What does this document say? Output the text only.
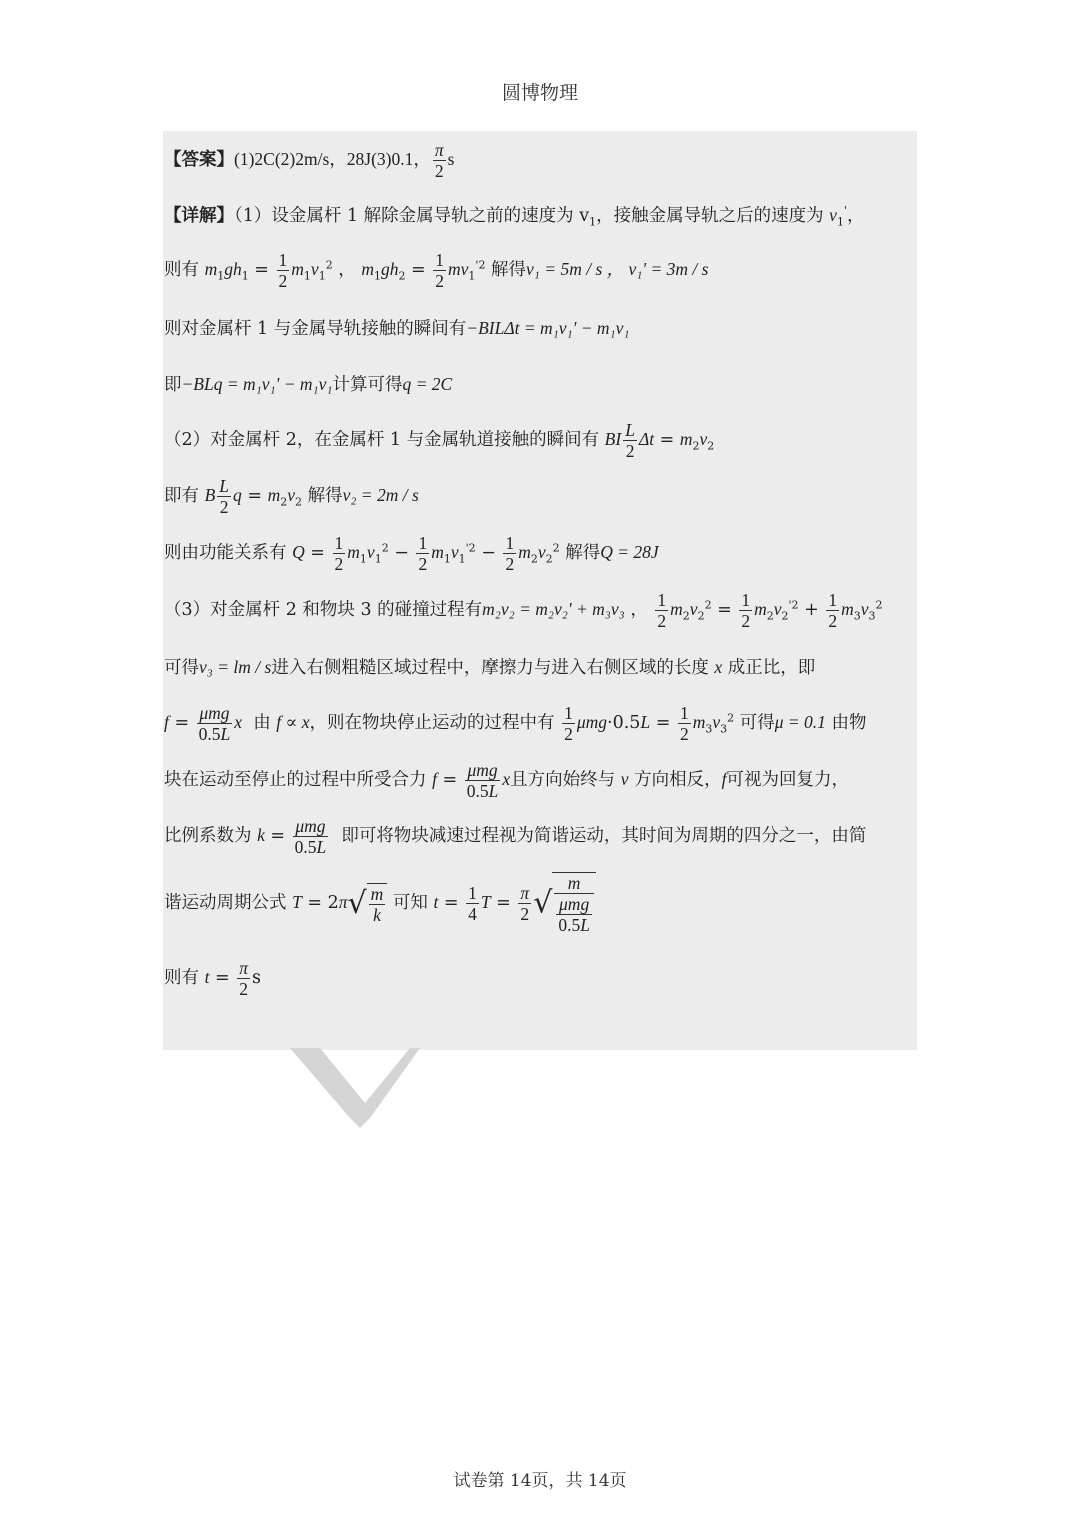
圆博物理
【答案】(1)2C(2)2m/s，28J(3)0.1， $\frac{\pi}{2}$ s
【详解】（1）设金属杆 1 解除金属导轨之前的速度为 $v_1$，接触金属导轨之后的速度为 $v_1'$，
则有 $m_1gh_1 = \frac{1}{2} m_1v_1^2$ ， $m_1gh_2 = \frac{1}{2} mv_1^{'2}$ 解得v₁ = 5m / s ， v₁' = 3m / s
则对金属杆 1 与金属导轨接触的瞬间有−BILΔt = m₁v₁' − m₁v₁
即−BLq = m₁v₁' − m₁v₁计算可得q = 2C
（2）对金属杆 2，在金属杆 1 与金属轨道接触的瞬间有 BI $\frac{L}{2}$ $\Delta t = m_2v_2$
即有 B $\frac{L}{2}$ $q = m_2v_2$ 解得v₂ = 2m / s
则由功能关系有 $Q = \frac{1}{2} m_1v_1^2 - \frac{1}{2} m_1v_1^{'2} - \frac{1}{2} m_2v_2^2$ 解得Q = 28J
（3）对金属杆 2 和物块 3 的碰撞过程有m₂v₂ = m₂v₂' + m₃v₃ ， $\frac{1}{2} m_2v_2^2 = \frac{1}{2} m_2v_2^{'2} + \frac{1}{2} m_3v_3^2$
可得v₃ = lm / s进入右侧粗糙区域过程中，摩擦力与进入右侧区域的长度 x 成正比，即
$f = \frac{\text{μmg}}{0.5L}$ x 由 f ∝ x，则在物块停止运动的过程中有 $\frac{1}{2} \mu mg\cdot 0.5L = \frac{1}{2} m_3v_3^2$ 可得μ = 0.1 由物
块在运动至停止的过程中所受合力 $f = \frac{\text{μmg}}{0.5L}$ x且方向始终与 v 方向相反，f可视为回复力，
比例系数为 $k = \frac{\text{μmg}}{0.5L}$ 即可将物块减速过程视为简谐运动，其时间为周期的四分之一，由简
谐运动周期公式 $T = 2\pi√ \frac{m}{k}$ 可知 $t = \frac{1}{4}$ $T = \frac{\pi}{2}$ √ $\frac{m}{\frac{\text{μmg}}{0.5L}}$
则有 $t = \frac{\pi}{2}$ s
试卷第 14页，共 14页
